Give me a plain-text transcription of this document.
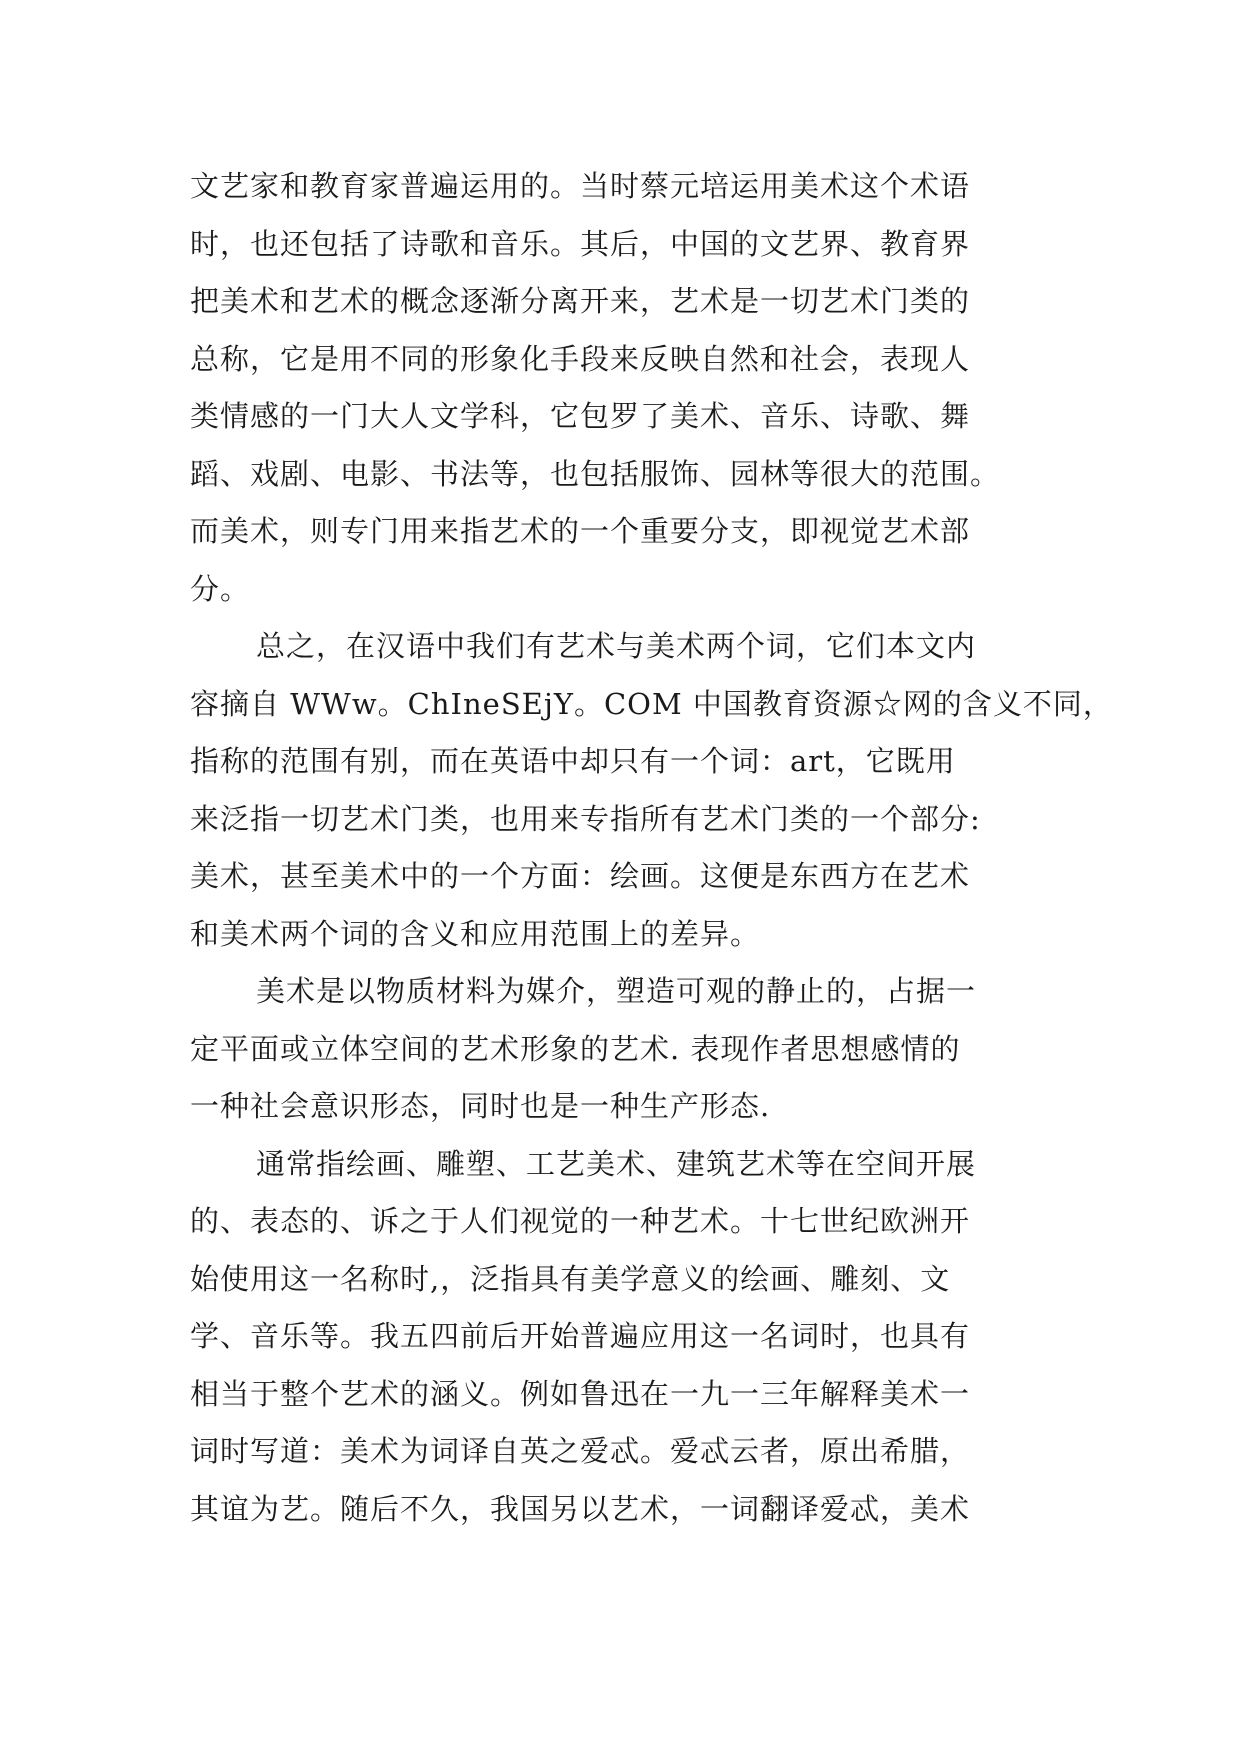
文艺家和教育家普遍运用的。当时蔡元培运用美术这个术语
时，也还包括了诗歌和音乐。其后，中国的文艺界、教育界
把美术和艺术的概念逐渐分离开来，艺术是一切艺术门类的
总称，它是用不同的形象化手段来反映自然和社会，表现人
类情感的一门大人文学科，它包罗了美术、音乐、诗歌、舞
蹈、戏剧、电影、书法等，也包括服饰、园林等很大的范围。
而美术，则专门用来指艺术的一个重要分支，即视觉艺术部
分。
总之，在汉语中我们有艺术与美术两个词，它们本文内
容摘自 WWw。ChIneSEjY。COM 中国教育资源☆网的含义不同，
指称的范围有别，而在英语中却只有一个词：art，它既用
来泛指一切艺术门类，也用来专指所有艺术门类的一个部分:
美术，甚至美术中的一个方面：绘画。这便是东西方在艺术
和美术两个词的含义和应用范围上的差异。
美术是以物质材料为媒介，塑造可观的静止的，占据一
定平面或立体空间的艺术形象的艺术. 表现作者思想感情的
一种社会意识形态，同时也是一种生产形态.
通常指绘画、雕塑、工艺美术、建筑艺术等在空间开展
的、表态的、诉之于人们视觉的一种艺术。十七世纪欧洲开
始使用这一名称时,，泛指具有美学意义的绘画、雕刻、文
学、音乐等。我五四前后开始普遍应用这一名词时，也具有
相当于整个艺术的涵义。例如鲁迅在一九一三年解释美术一
词时写道：美术为词译自英之爱忒。爱忒云者，原出希腊，
其谊为艺。随后不久，我国另以艺术，一词翻译爱忒，美术
